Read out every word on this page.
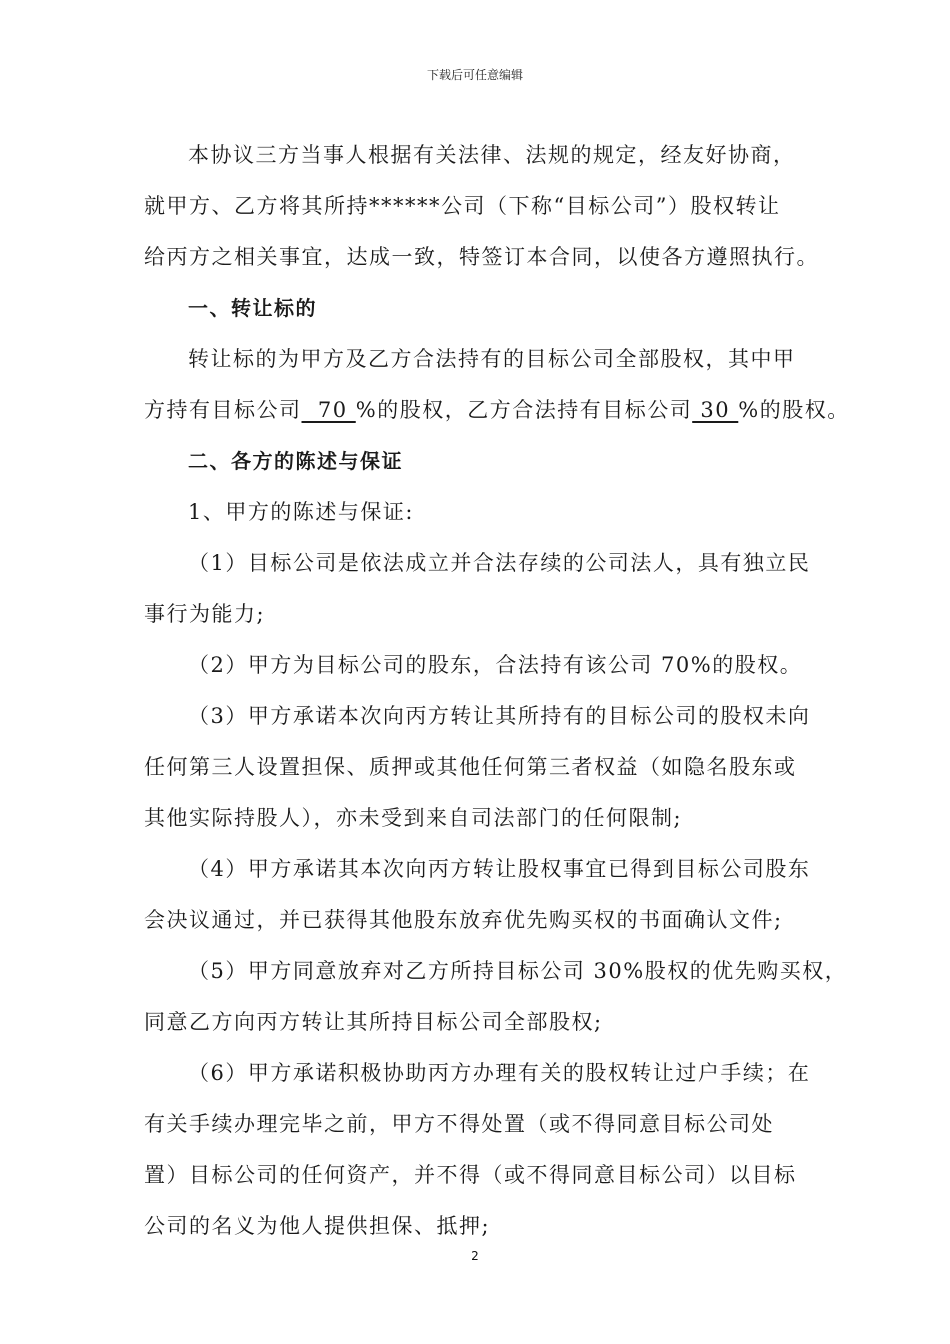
下载后可任意编辑
本协议三方当事人根据有关法律、法规的规定，经友好协商，
就甲方、乙方将其所持******公司（下称“目标公司”）股权转让
给丙方之相关事宜，达成一致，特签订本合同，以使各方遵照执行。
一、转让标的
转让标的为甲方及乙方合法持有的目标公司全部股权，其中甲
方持有目标公司  70 %的股权，乙方合法持有目标公司 30 %的股权。
二、各方的陈述与保证
1、甲方的陈述与保证:
（1）目标公司是依法成立并合法存续的公司法人，具有独立民
事行为能力;
（2）甲方为目标公司的股东，合法持有该公司 70%的股权。
（3）甲方承诺本次向丙方转让其所持有的目标公司的股权未向
任何第三人设置担保、质押或其他任何第三者权益（如隐名股东或
其他实际持股人），亦未受到来自司法部门的任何限制;
（4）甲方承诺其本次向丙方转让股权事宜已得到目标公司股东
会决议通过，并已获得其他股东放弃优先购买权的书面确认文件;
（5）甲方同意放弃对乙方所持目标公司 30%股权的优先购买权，
同意乙方向丙方转让其所持目标公司全部股权;
（6）甲方承诺积极协助丙方办理有关的股权转让过户手续；在
有关手续办理完毕之前，甲方不得处置（或不得同意目标公司处
置）目标公司的任何资产，并不得（或不得同意目标公司）以目标
公司的名义为他人提供担保、抵押;
2
